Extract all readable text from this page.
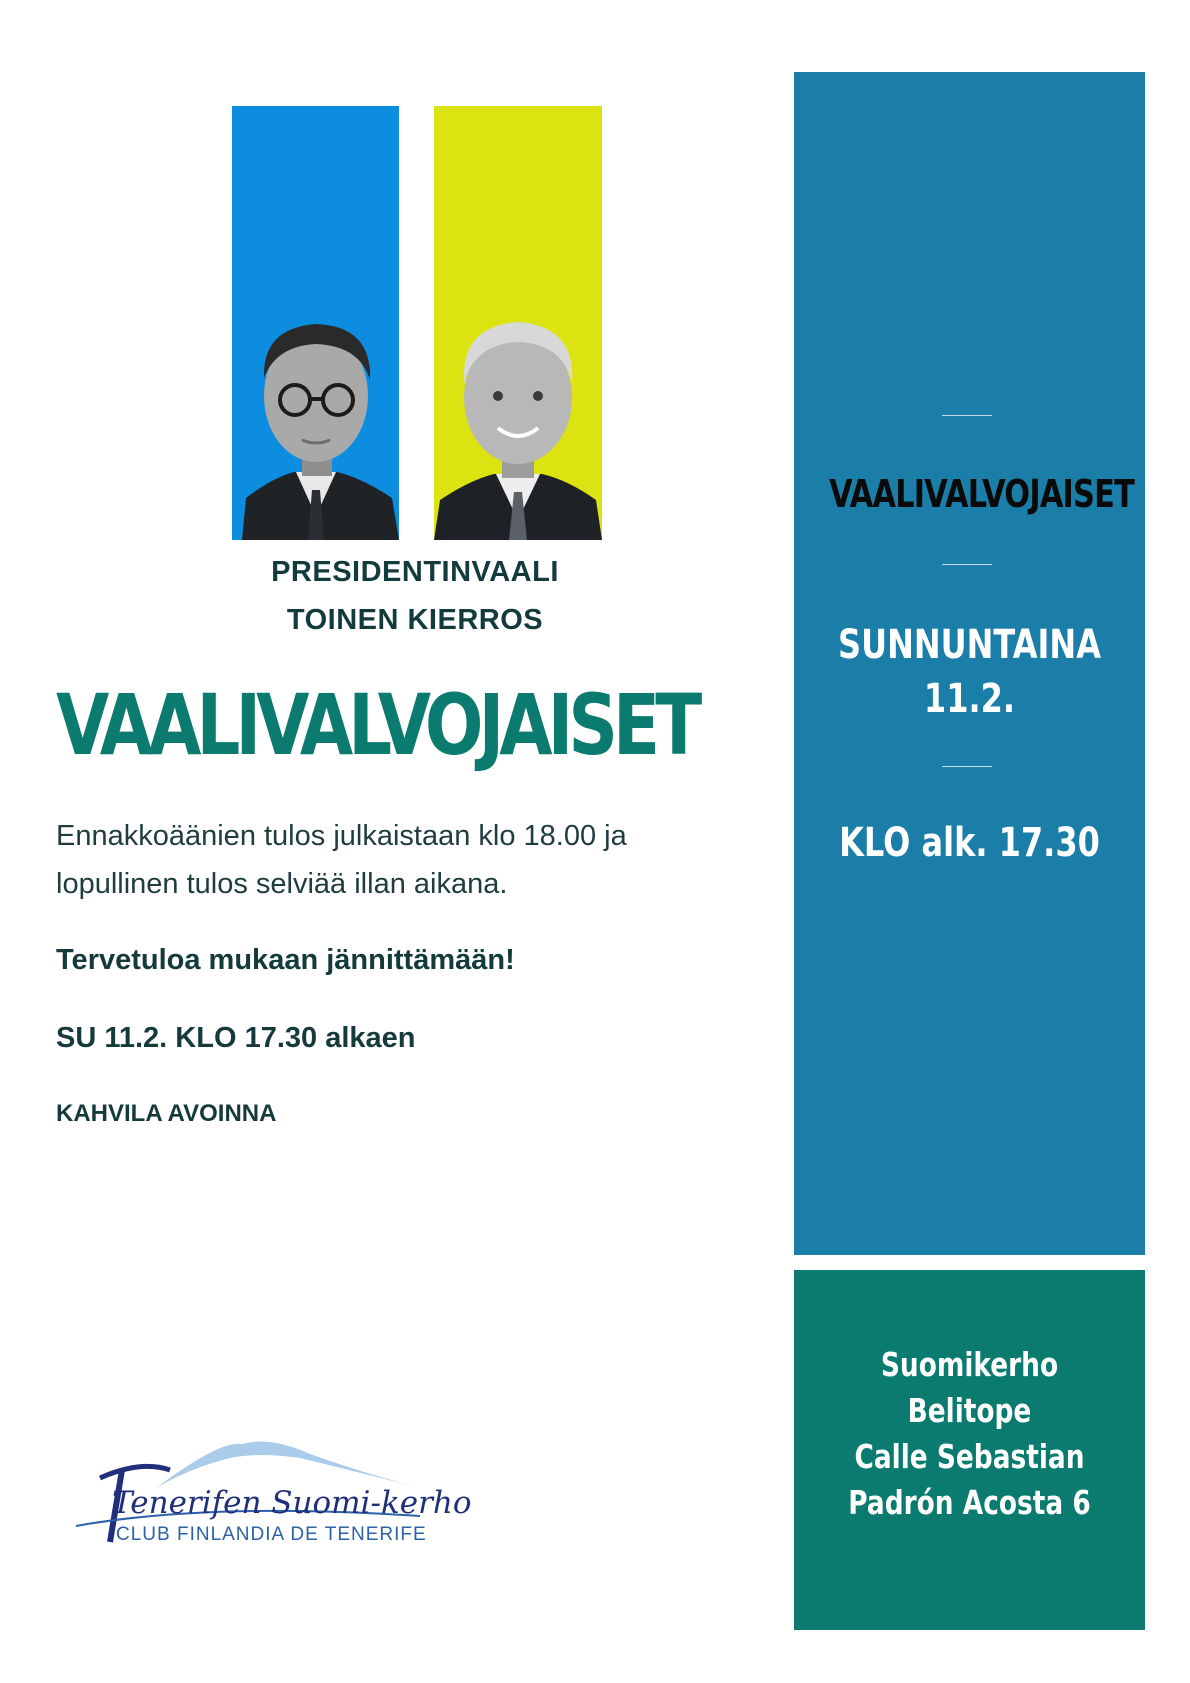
PRESIDENTINVAALI
TOINEN KIERROS
VAALIVALVOJAISET
Ennakkoäänien tulos julkaistaan klo 18.00 ja
lopullinen tulos selviää illan aikana.
Tervetuloa mukaan jännittämään!
SU 11.2. KLO 17.30 alkaen
KAHVILA AVOINNA
VAALIVALVOJAISET
SUNNUNTAINA
11.2.
KLO alk. 17.30
Suomikerho
Belitope
Calle Sebastian
Padrón Acosta 6
Tenerifen Suomi-kerho
CLUB FINLANDIA DE TENERIFE
